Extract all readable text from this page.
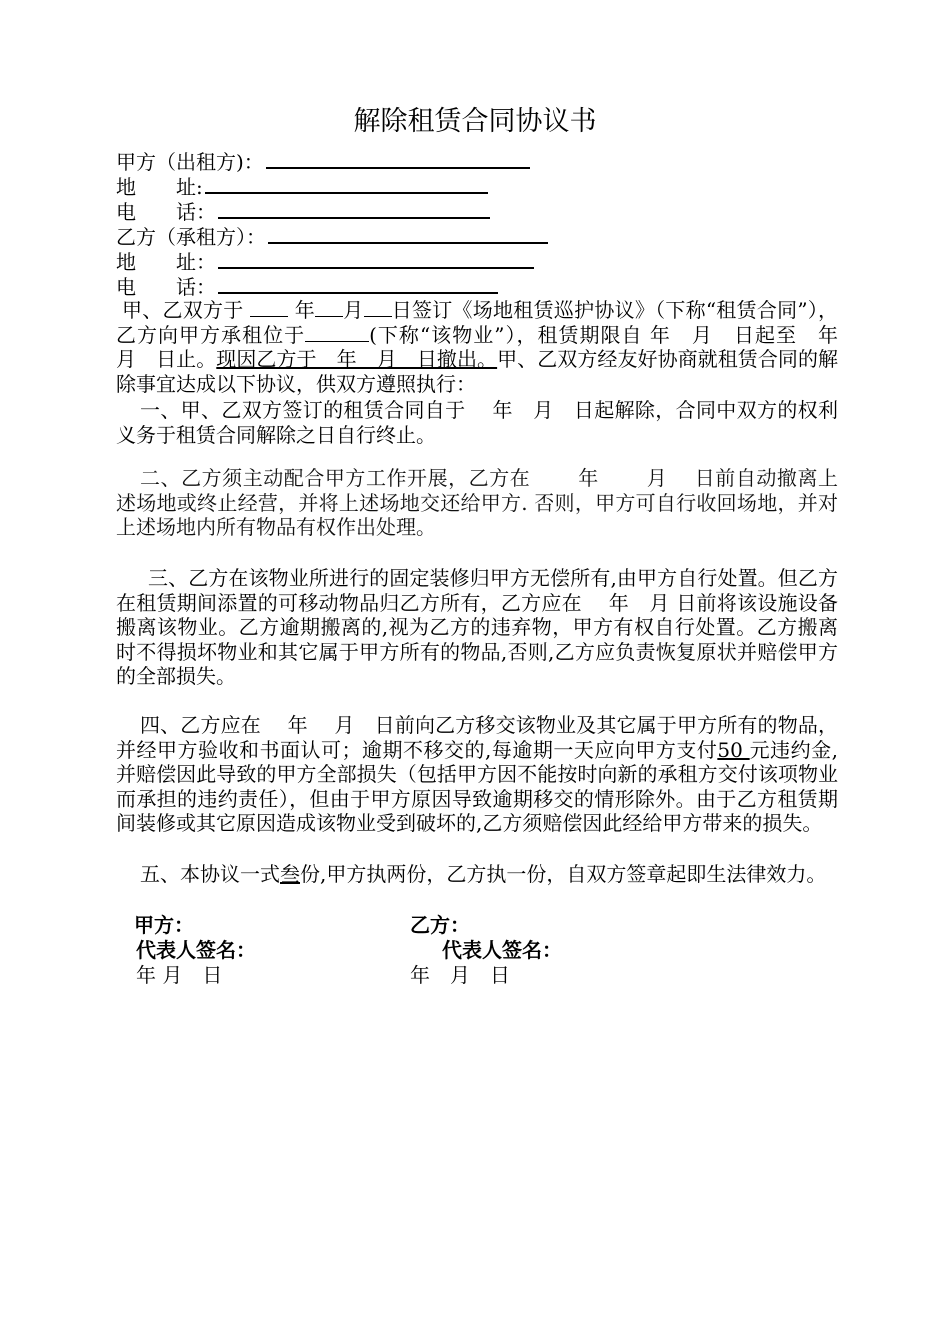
解除租赁合同协议书
甲方（出租方)：
地　　址:
电　　话：
乙方（承租方）：
地　　址：
电　　话：
甲、乙双方于	年 月 日签订《场地租赁巡护协议》（下称“租赁合同”），乙方向甲方承租位于	(下称“该物业”），租赁期限自 年　月　日起至　年　月　日止。现因乙方于　年　月　日撤出。甲、乙双方经友好协商就租赁合同的解除事宜达成以下协议，供双方遵照执行：
一、甲、乙双方签订的租赁合同自于　 年　月　日起解除，合同中双方的权利义务于租赁合同解除之日自行终止。
二、乙方须主动配合甲方工作开展，乙方在　　 年　　 月　 日前自动撤离上述场地或终止经营，并将上述场地交还给甲方. 否则，甲方可自行收回场地，并对上述场地内所有物品有权作出处理。
三、乙方在该物业所进行的固定装修归甲方无偿所有,由甲方自行处置。但乙方在租赁期间添置的可移动物品归乙方所有，乙方应在　 年　月 日前将该设施设备搬离该物业。乙方逾期搬离的,视为乙方的违弃物，甲方有权自行处置。乙方搬离时不得损坏物业和其它属于甲方所有的物品,否则,乙方应负责恢复原状并赔偿甲方的全部损失。
四、乙方应在　 年　 月　日前向乙方移交该物业及其它属于甲方所有的物品，并经甲方验收和书面认可；逾期不移交的,每逾期一天应向甲方支付50 元违约金,并赔偿因此导致的甲方全部损失（包括甲方因不能按时向新的承租方交付该项物业而承担的违约责任），但由于甲方原因导致逾期移交的情形除外。由于乙方租赁期间装修或其它原因造成该物业受到破坏的,乙方须赔偿因此经给甲方带来的损失。
五、本协议一式叁份,甲方执两份，乙方执一份，自双方签章起即生法律效力。
甲方：	乙方：
代表人签名：	代表人签名：
年 月　日	年　月　日
